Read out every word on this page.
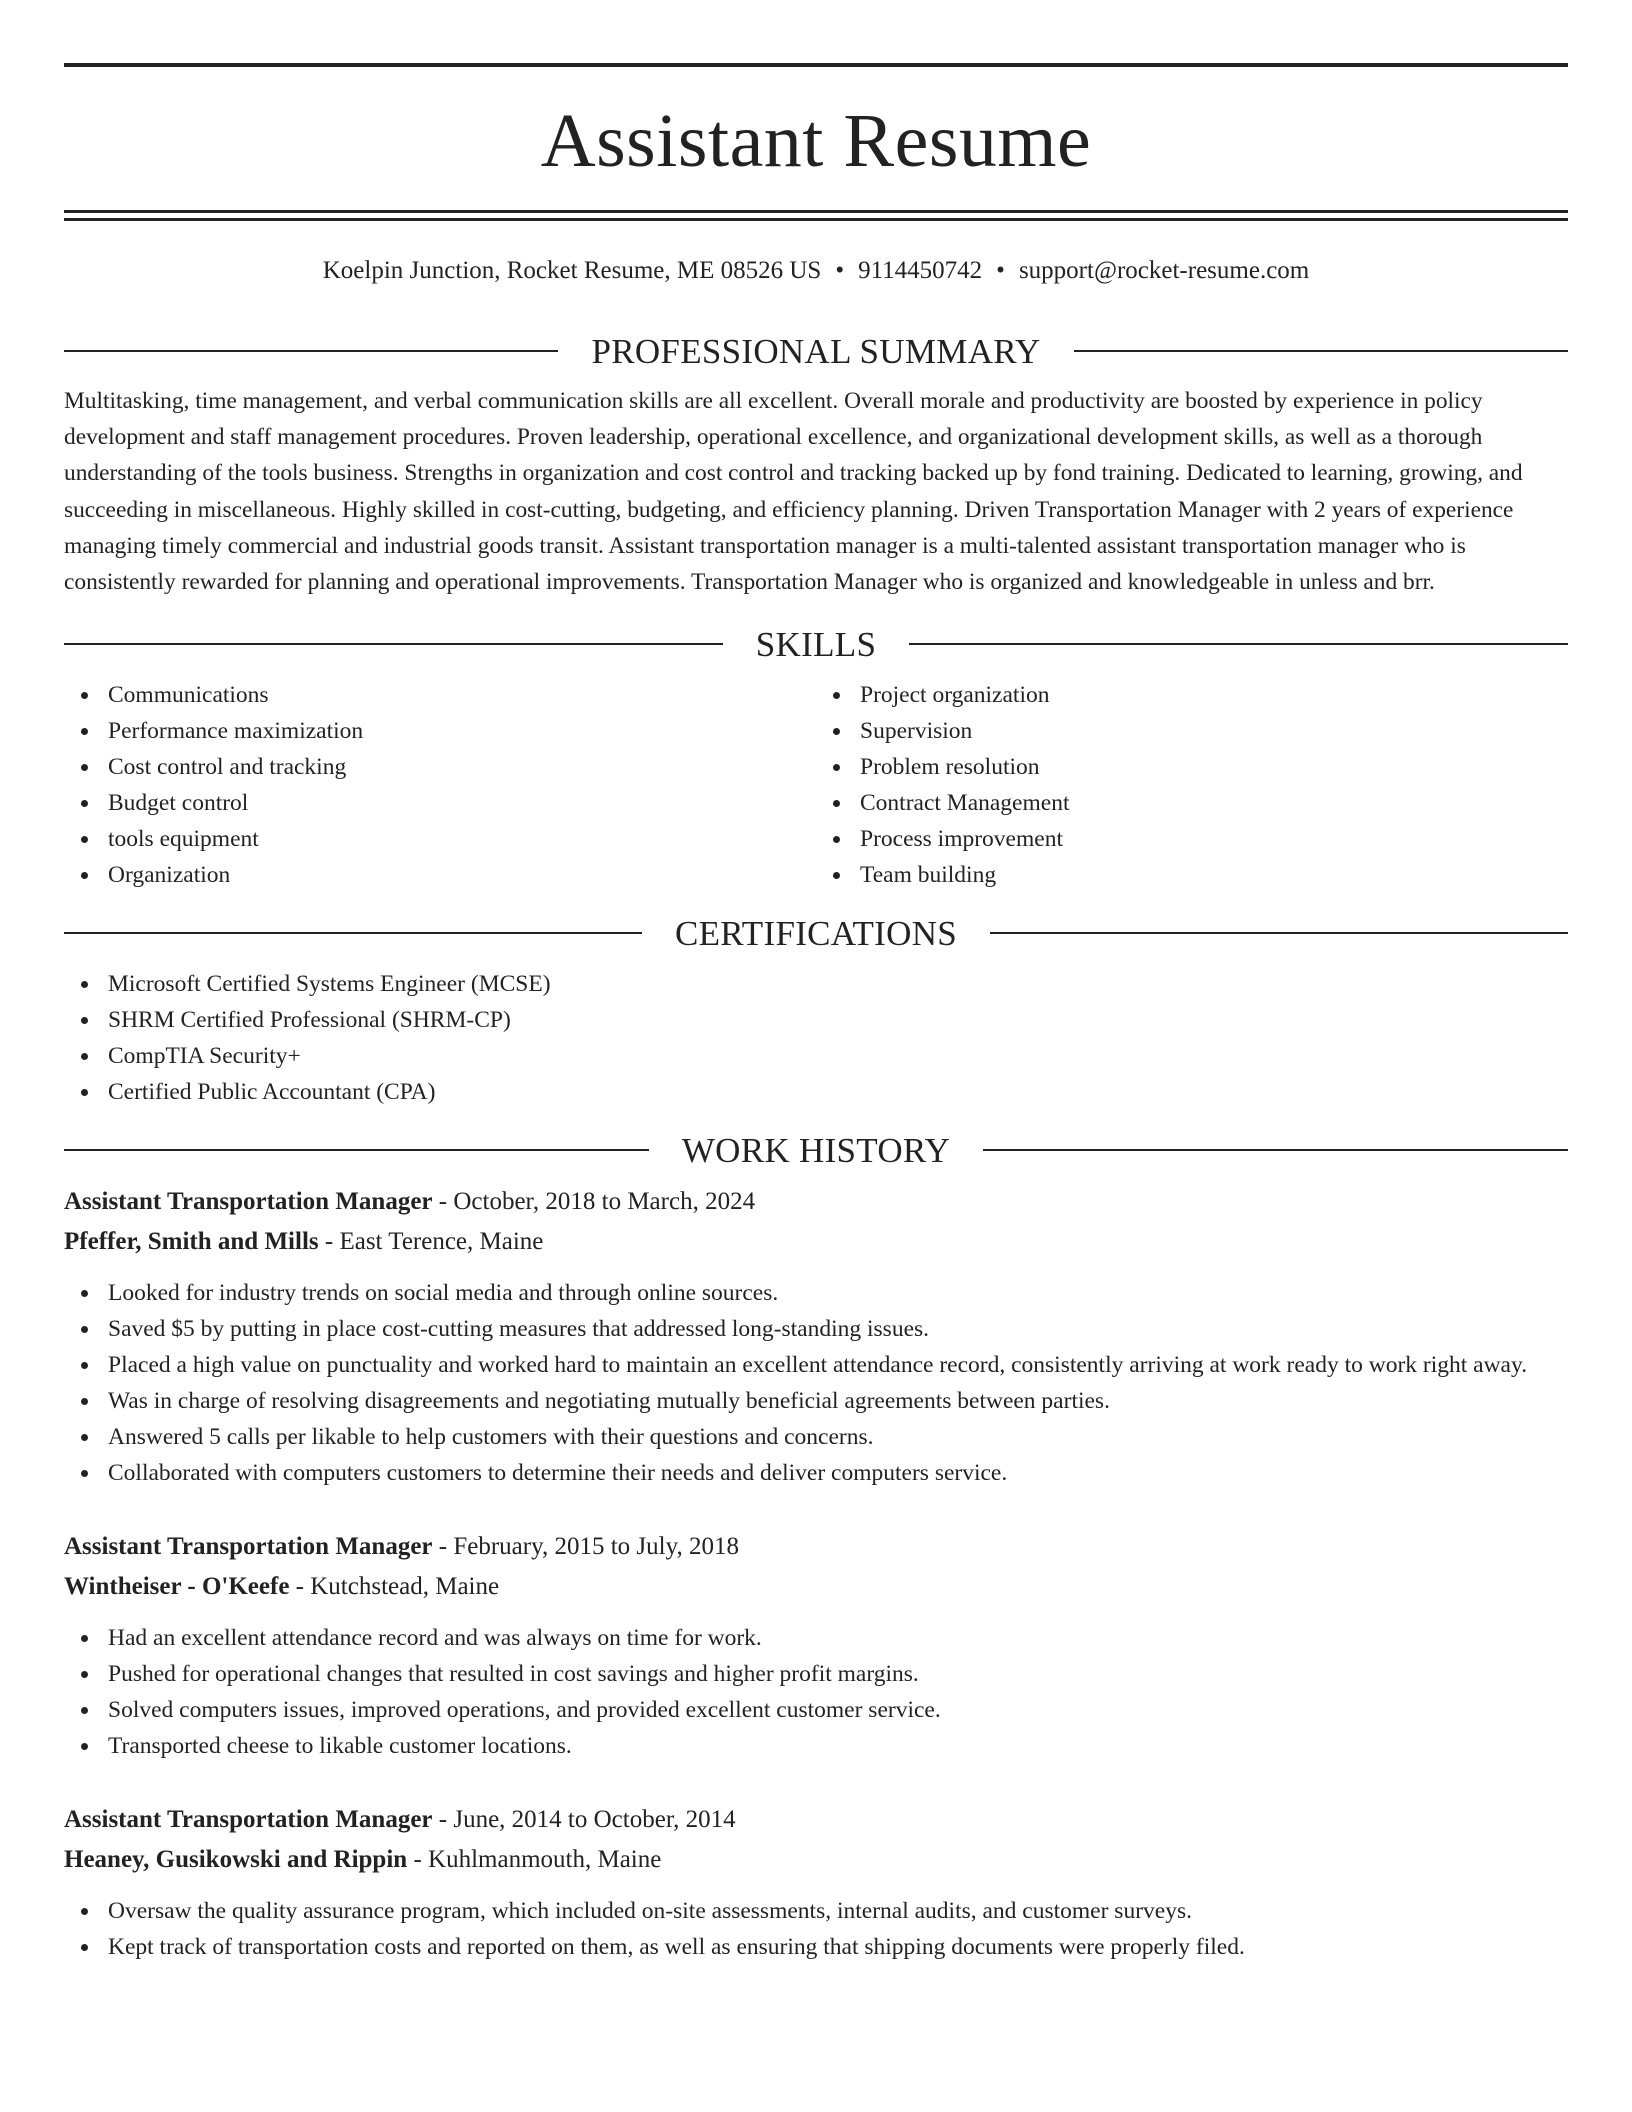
Assistant Resume
Koelpin Junction, Rocket Resume, ME 08526 US • 9114450742 • support@rocket-resume.com
PROFESSIONAL SUMMARY

Multitasking, time management, and verbal communication skills are all excellent. Overall morale and productivity are boosted by experience in policy development and staff management procedures. Proven leadership, operational excellence, and organizational development skills, as well as a thorough understanding of the tools business. Strengths in organization and cost control and tracking backed up by fond training. Dedicated to learning, growing, and succeeding in miscellaneous. Highly skilled in cost-cutting, budgeting, and efficiency planning. Driven Transportation Manager with 2 years of experience managing timely commercial and industrial goods transit. Assistant transportation manager is a multi-talented assistant transportation manager who is consistently rewarded for planning and operational improvements. Transportation Manager who is organized and knowledgeable in unless and brr.

SKILLS
Communications
Performance maximization
Cost control and tracking
Budget control
tools equipment
Organization
Project organization
Supervision
Problem resolution
Contract Management
Process improvement
Team building
CERTIFICATIONS
Microsoft Certified Systems Engineer (MCSE)
SHRM Certified Professional (SHRM-CP)
CompTIA Security+
Certified Public Accountant (CPA)
WORK HISTORY
Assistant Transportation Manager - October, 2018 to March, 2024
Pfeffer, Smith and Mills - East Terence, Maine
Looked for industry trends on social media and through online sources.
Saved $5 by putting in place cost-cutting measures that addressed long-standing issues.
Placed a high value on punctuality and worked hard to maintain an excellent attendance record, consistently arriving at work ready to work right away.
Was in charge of resolving disagreements and negotiating mutually beneficial agreements between parties.
Answered 5 calls per likable to help customers with their questions and concerns.
Collaborated with computers customers to determine their needs and deliver computers service.
Assistant Transportation Manager - February, 2015 to July, 2018
Wintheiser - O'Keefe - Kutchstead, Maine
Had an excellent attendance record and was always on time for work.
Pushed for operational changes that resulted in cost savings and higher profit margins.
Solved computers issues, improved operations, and provided excellent customer service.
Transported cheese to likable customer locations.
Assistant Transportation Manager - June, 2014 to October, 2014
Heaney, Gusikowski and Rippin - Kuhlmanmouth, Maine
Oversaw the quality assurance program, which included on-site assessments, internal audits, and customer surveys.
Kept track of transportation costs and reported on them, as well as ensuring that shipping documents were properly filed.
